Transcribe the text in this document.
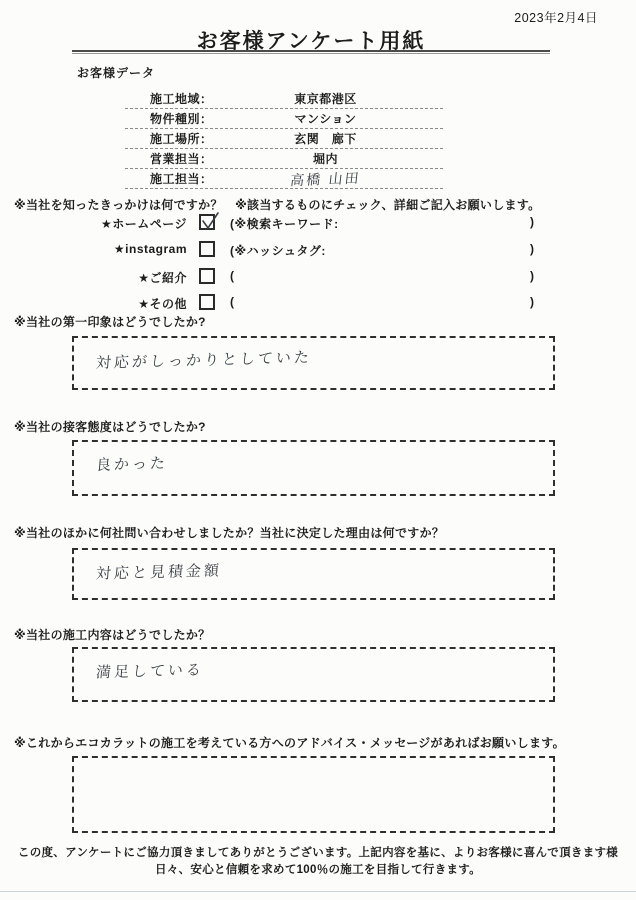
2023年2月4日
お客様アンケート用紙
お客様データ
施工地域：	東京都港区
物件種別：	マンション
施工場所：	玄関　廊下
営業担当：	堀内
施工担当：	高橋 山田
※当社を知ったきっかけは何ですか？　※該当するものにチェック、詳細ご記入お願いします。
★ホームページ	(※検索キーワード:	)
★instagram	(※ハッシュタグ:	)
★ご紹介	(	)
★その他	(	)
※当社の第一印象はどうでしたか?
対応がしっかりとしていた
※当社の接客態度はどうでしたか?
良かった
※当社のほかに何社問い合わせしましたか？当社に決定した理由は何ですか？
対応と見積金額
※当社の施工内容はどうでしたか？
満足している
※これからエコカラットの施工を考えている方へのアドバイス・メッセージがあればお願いします。
この度、アンケートにご協力頂きましてありがとうございます。上記内容を基に、よりお客様に喜んで頂きます様
日々、安心と信頼を求めて100％の施工を目指して行きます。
